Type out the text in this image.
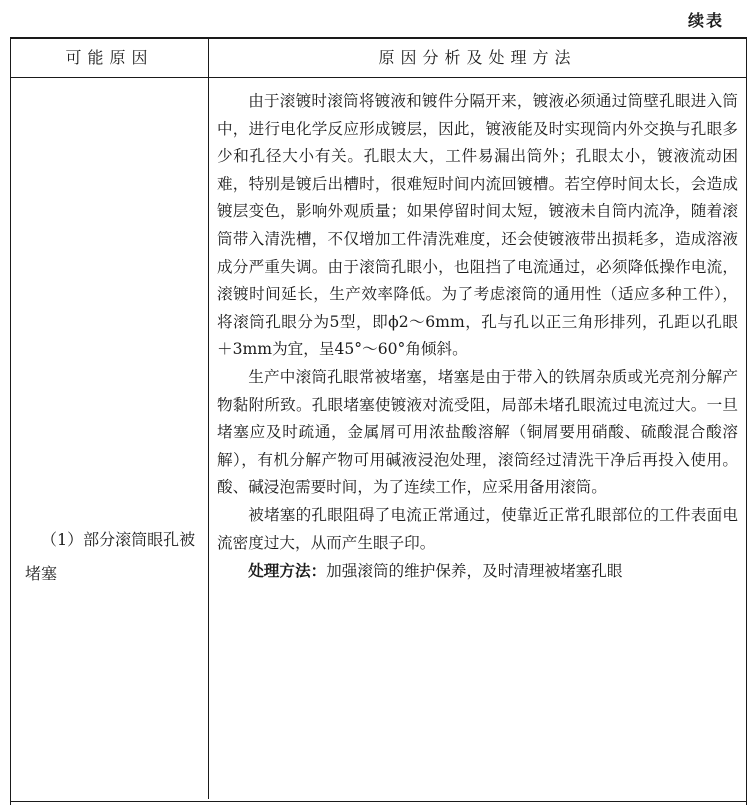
续表
可能原因	原因分析及处理方法
（1）部分滚筒眼孔被堵塞

由于滚镀时滚筒将镀液和镀件分隔开来，镀液必须通过筒壁孔眼进入筒中，进行电化学反应形成镀层，因此，镀液能及时实现筒内外交换与孔眼多少和孔径大小有关。孔眼太大，工件易漏出筒外；孔眼太小，镀液流动困难，特别是镀后出槽时，很难短时间内流回镀槽。若空停时间太长，会造成镀层变色，影响外观质量；如果停留时间太短，镀液未自筒内流净，随着滚筒带入清洗槽，不仅增加工件清洗难度，还会使镀液带出损耗多，造成溶液成分严重失调。由于滚筒孔眼小，也阻挡了电流通过，必须降低操作电流，滚镀时间延长，生产效率降低。为了考虑滚筒的通用性（适应多种工件），将滚筒孔眼分为5型，即ϕ2～6mm，孔与孔以正三角形排列，孔距以孔眼＋3mm为宜，呈45°～60°角倾斜。

生产中滚筒孔眼常被堵塞，堵塞是由于带入的铁屑杂质或光亮剂分解产物黏附所致。孔眼堵塞使镀液对流受阻，局部未堵孔眼流过电流过大。一旦堵塞应及时疏通，金属屑可用浓盐酸溶解（铜屑要用硝酸、硫酸混合酸溶解），有机分解产物可用碱液浸泡处理，滚筒经过清洗干净后再投入使用。酸、碱浸泡需要时间，为了连续工作，应采用备用滚筒。

被堵塞的孔眼阻碍了电流正常通过，使靠近正常孔眼部位的工件表面电流密度过大，从而产生眼子印。

处理方法：加强滚筒的维护保养，及时清理被堵塞孔眼
